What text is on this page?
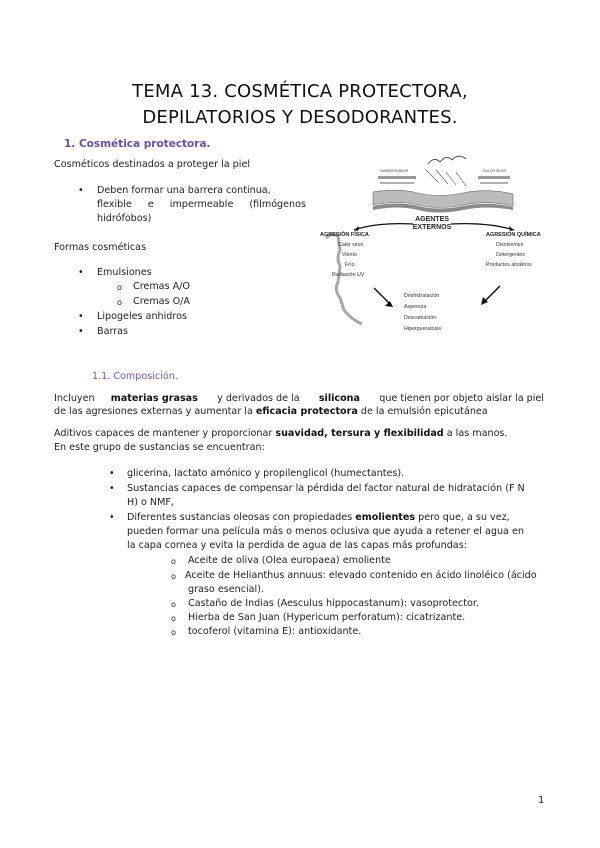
TEMA 13. COSMÉTICA PROTECTORA,
DEPILATORIOS Y DESODORANTES.
1. Cosmética protectora.
Cosméticos destinados a proteger la piel
• Deben formar una barrera continua,
flexible e impermeable (filmógenos
hidrófobos)
Formas cosméticas
• Emulsiones
o Cremas A/O
o Cremas O/A
• Lipogeles anhidros
• Barras
HUMIDIFICADOR	CALOR SECO
AGENTES
EXTERNOS
AGRESIÓN FÍSICA
Calor seco
Viento
Frío
Radiación UV
AGRESIÓN QUÍMICA
Disolventes
Detergentes
Productos alcalinos
Deshidratación
Aspereza
Descamación
Hiperqueratosis
1.1. Composición.
Incluyen materias grasas y derivados de la silicona que tienen por objeto aislar la piel
de las agresiones externas y aumentar la eficacia protectora de la emulsión epicutánea
Aditivos capaces de mantener y proporcionar suavidad, tersura y flexibilidad a las manos.
En este grupo de sustancias se encuentran:
• glicerina, lactato amónico y propilenglicol (humectantes).
• Sustancias capaces de compensar la pérdida del factor natural de hidratación (F N
H) o NMF,
• Diferentes sustancias oleosas con propiedades emolientes pero que, a su vez,
pueden formar una película más o menos oclusiva que ayuda a retener el agua en
la capa cornea y evita la perdida de agua de las capas más profundas:
o Aceite de oliva (Olea europaea) emoliente
o Aceite de Helianthus annuus: elevado contenido en ácido linoléico (ácido
graso esencial).
o Castaño de Indias (Aesculus hippocastanum): vasoprotector.
o Hierba de San Juan (Hypericum perforatum): cicatrizante.
o tocoferol (vitamina E): antioxidante.
1
